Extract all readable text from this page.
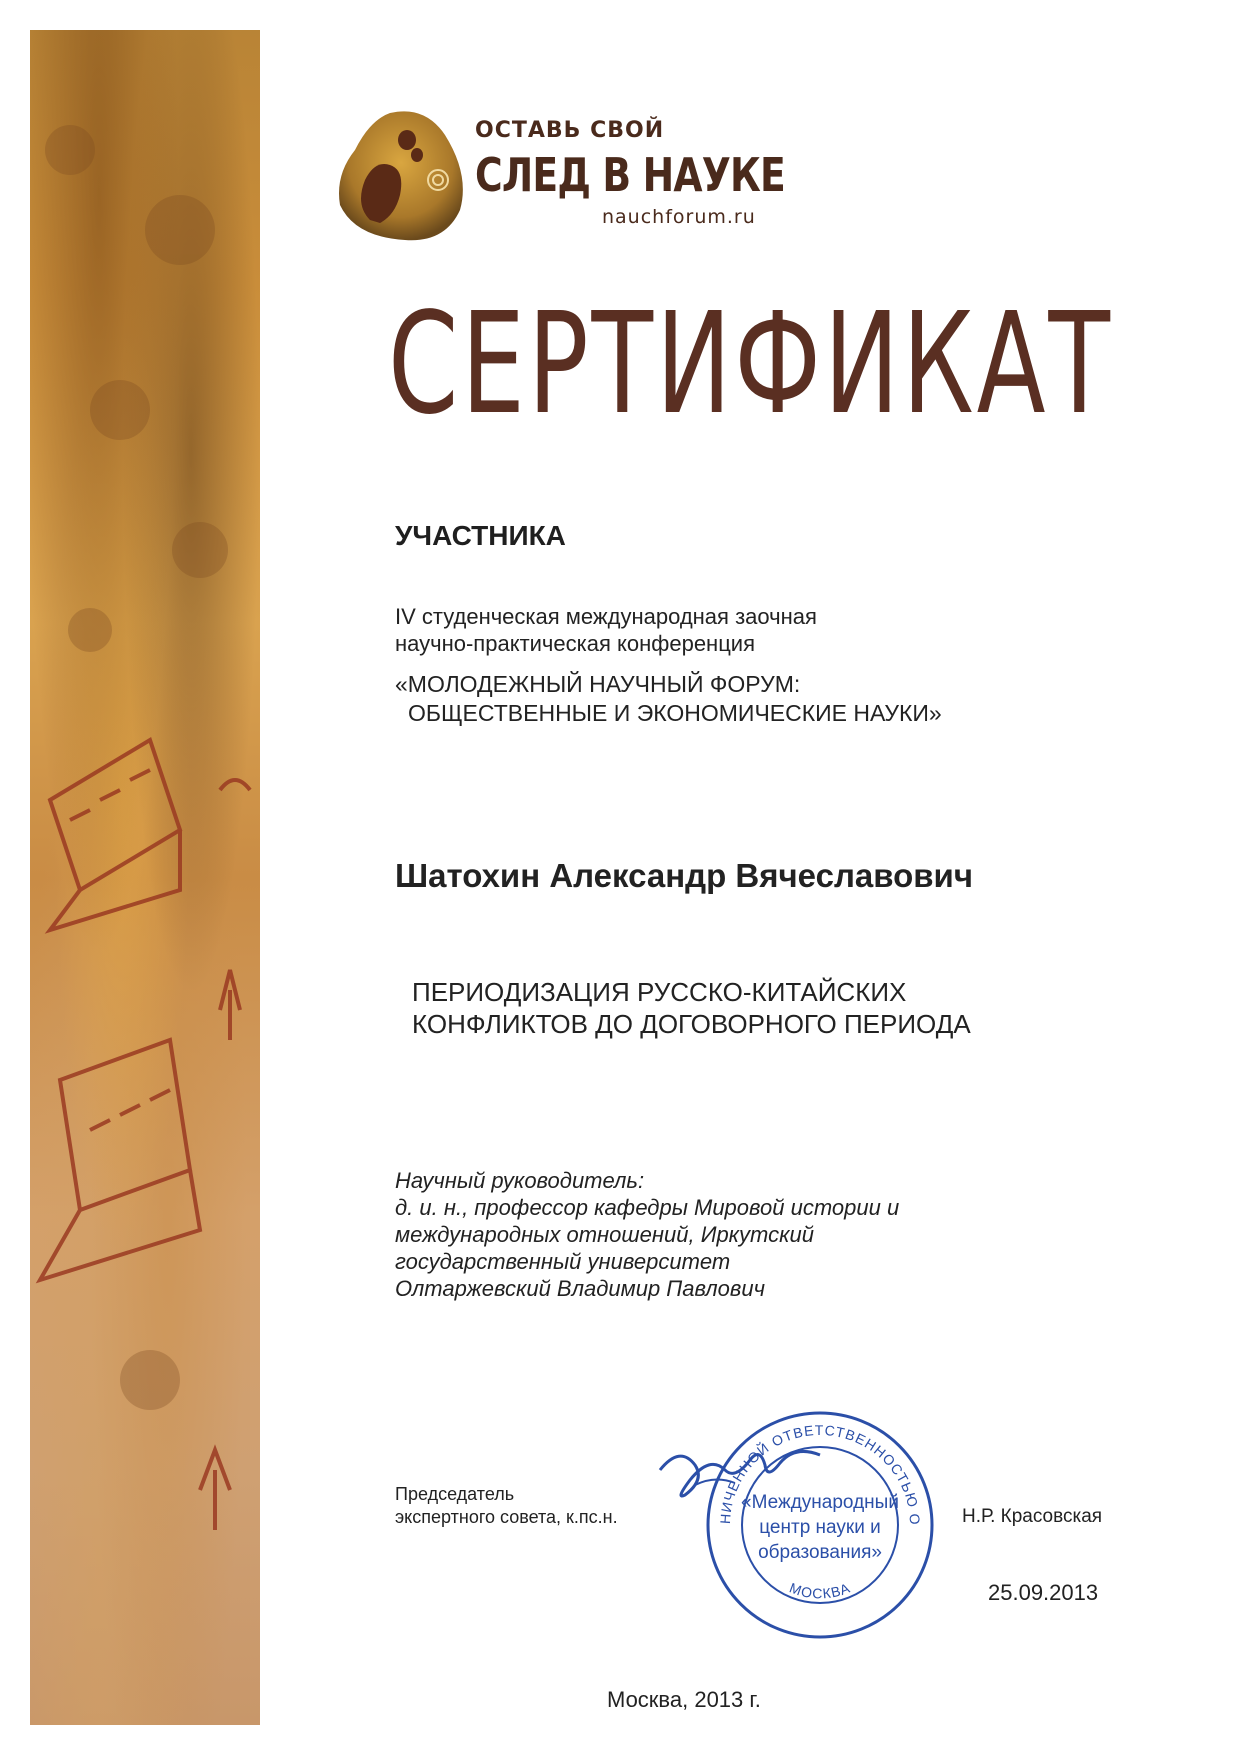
ОСТАВЬ СВОЙ
СЛЕД В НАУКЕ
nauchforum.ru
СЕРТИФИКАТ
УЧАСТНИКА
IV студенческая международная заочная
научно-практическая конференция
«МОЛОДЕЖНЫЙ НАУЧНЫЙ ФОРУМ:
ОБЩЕСТВЕННЫЕ И ЭКОНОМИЧЕСКИЕ НАУКИ»
Шатохин Александр Вячеславович
ПЕРИОДИЗАЦИЯ РУССКО-КИТАЙСКИХ
КОНФЛИКТОВ ДО ДОГОВОРНОГО ПЕРИОДА
Научный руководитель:
д. и. н., профессор кафедры Мировой истории и
международных отношений, Иркутский
государственный университет
Олтаржевский Владимир Павлович
Председатель
экспертного совета, к.пс.н.	НИЧЕННОЙ ОТВЕТСТВЕННОСТЬЮ О
МОСКВА
«Международный
центр науки и
образования»
Н.Р. Красовская
25.09.2013
Москва, 2013 г.
